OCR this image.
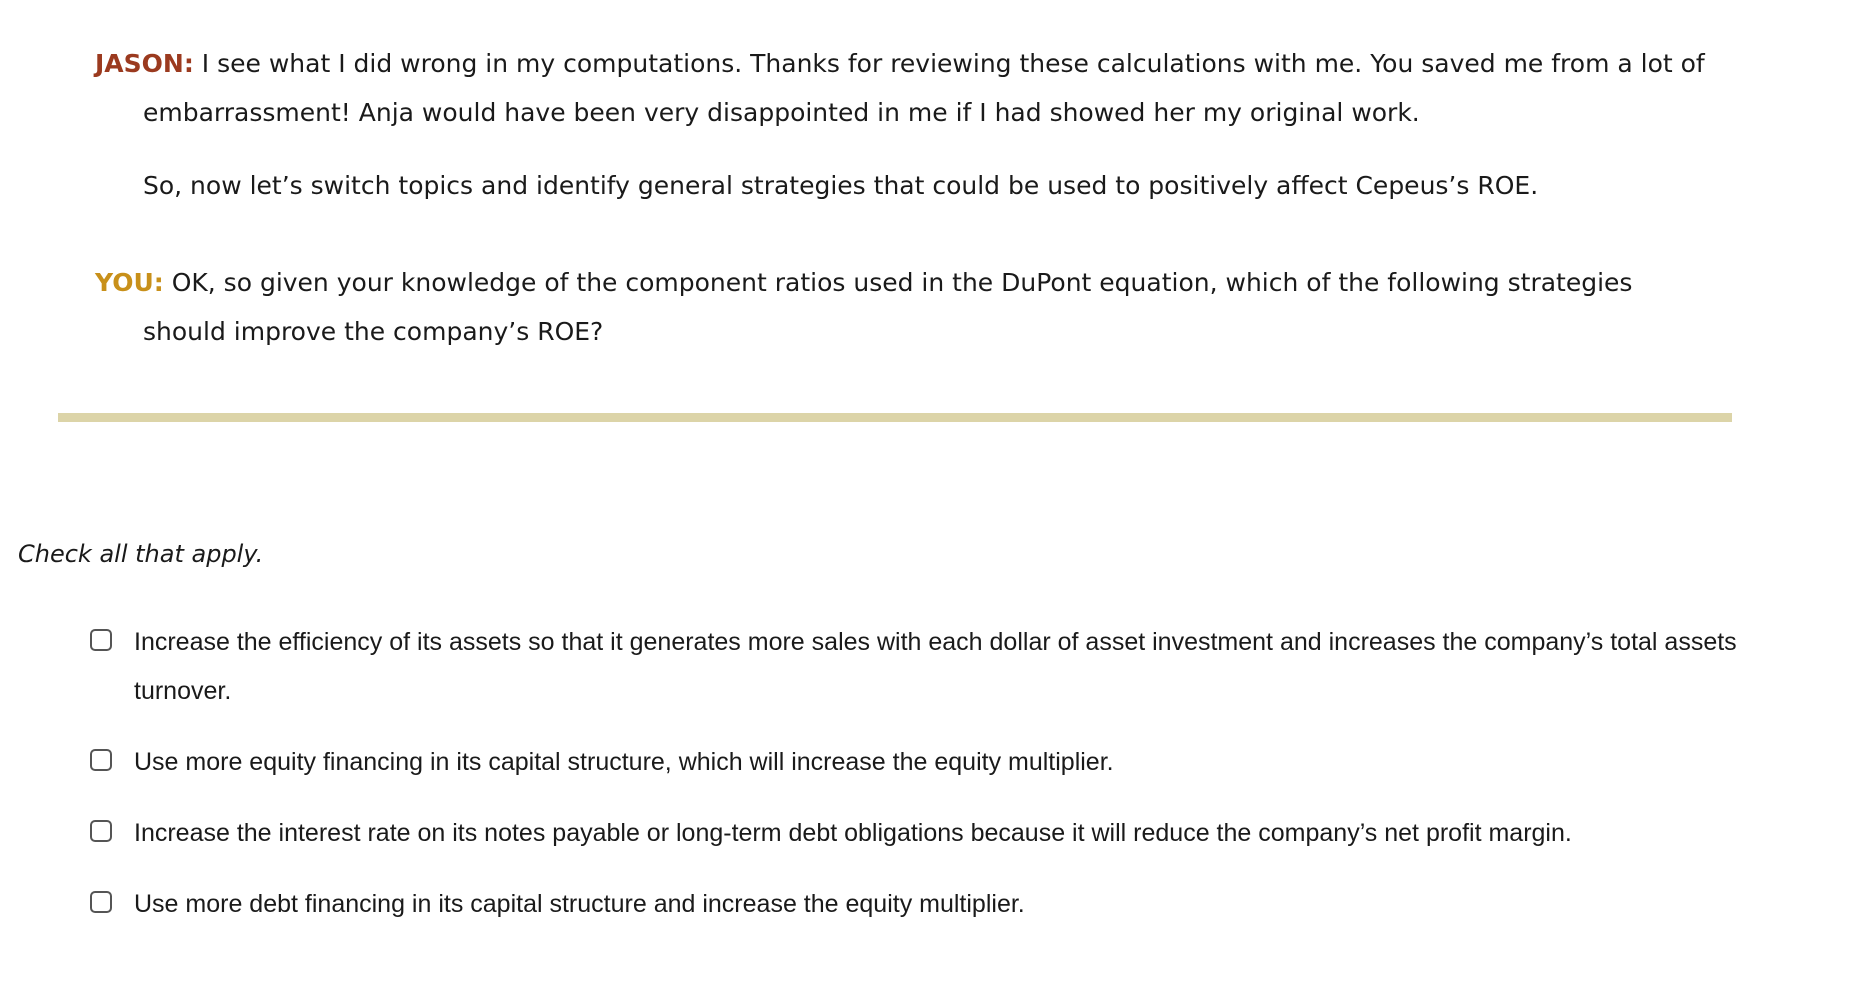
JASON: I see what I did wrong in my computations. Thanks for reviewing these calculations with me. You saved me from a lot of embarrassment! Anja would have been very disappointed in me if I had showed her my original work.
So, now let’s switch topics and identify general strategies that could be used to positively affect Cepeus’s ROE.
YOU: OK, so given your knowledge of the component ratios used in the DuPont equation, which of the following strategies should improve the company’s ROE?
Check all that apply.
Increase the efficiency of its assets so that it generates more sales with each dollar of asset investment and increases the company’s total assets turnover.
Use more equity financing in its capital structure, which will increase the equity multiplier.
Increase the interest rate on its notes payable or long-term debt obligations because it will reduce the company’s net profit margin.
Use more debt financing in its capital structure and increase the equity multiplier.
